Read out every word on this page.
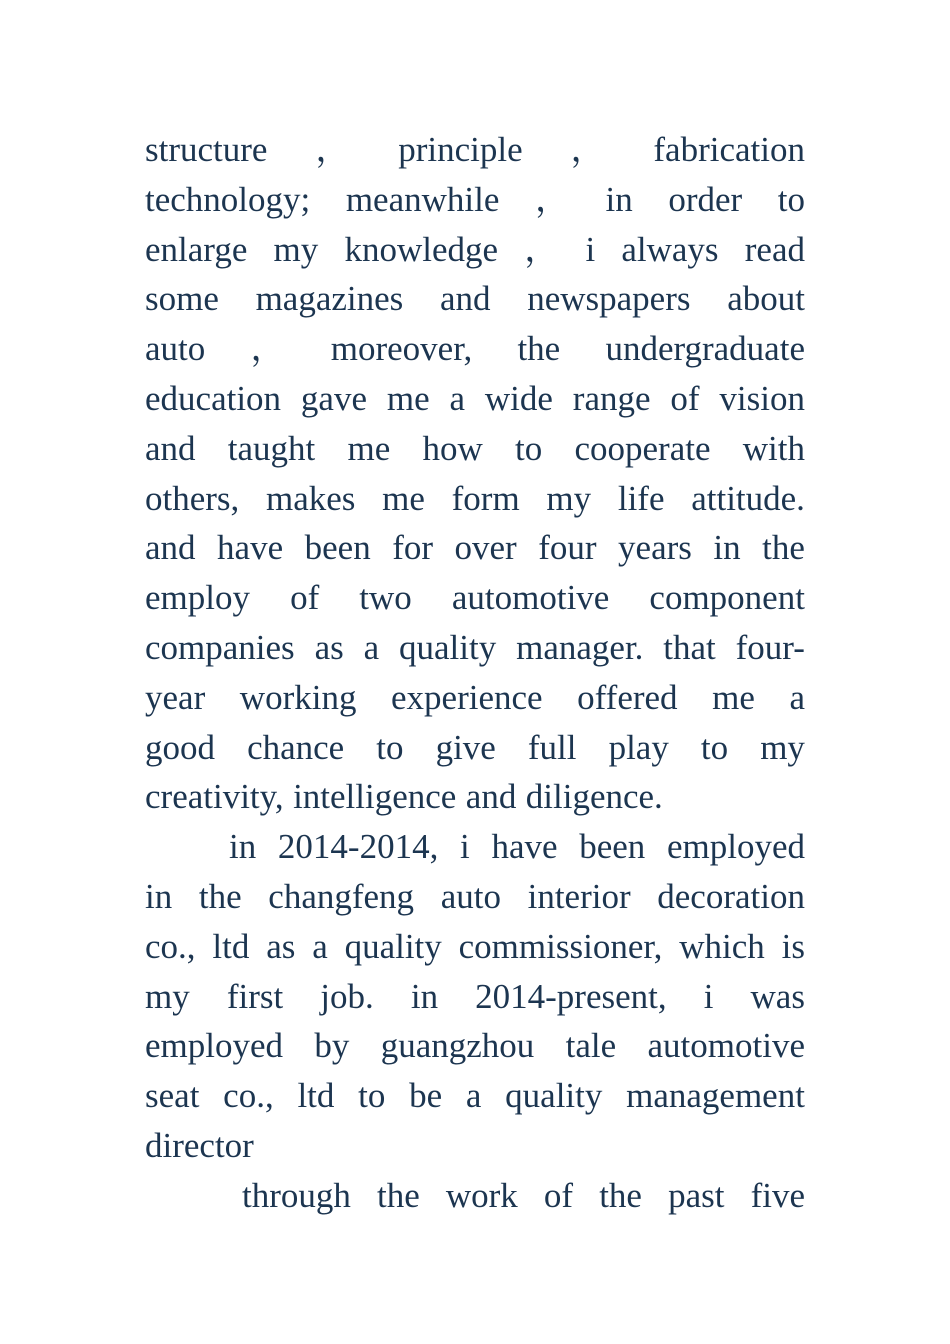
structure ， principle ， fabrication
technology; meanwhile ， in order to
enlarge my knowledge ， i always read
some magazines and newspapers about
auto ， moreover, the undergraduate
education gave me a wide range of vision
and taught me how to cooperate with
others, makes me form my life attitude.
and have been for over four years in the
employ of two automotive component
companies as a quality manager. that four-
year working experience offered me a
good chance to give full play to my
creativity, intelligence and diligence.
in 2014-2014, i have been employed
in the changfeng auto interior decoration
co., ltd as a quality commissioner, which is
my first job. in 2014-present, i was
employed by guangzhou tale automotive
seat co., ltd to be a quality management
director
through the work of the past five
